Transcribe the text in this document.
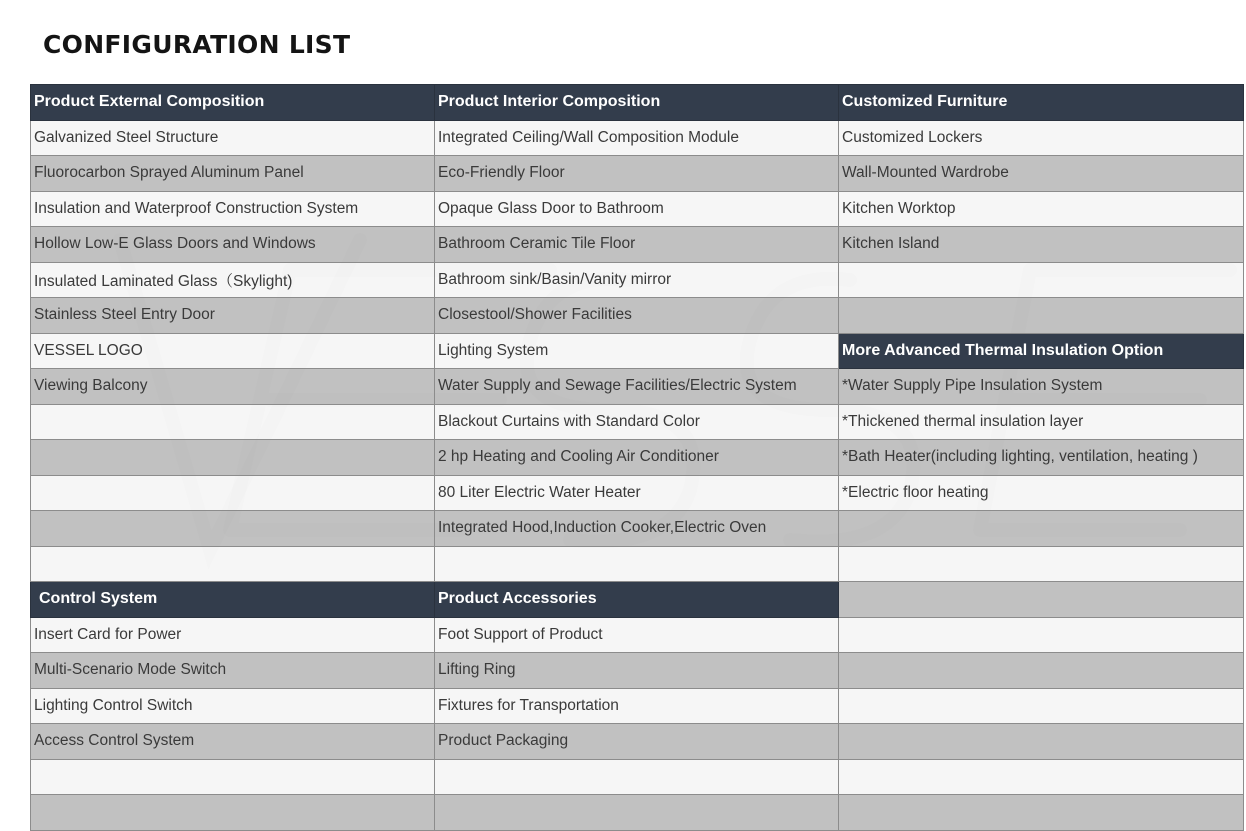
CONFIGURATION LIST
Product External Composition	Product Interior Composition	Customized Furniture
Galvanized Steel Structure	Integrated Ceiling/Wall Composition Module	Customized Lockers
Fluorocarbon Sprayed Aluminum Panel	Eco-Friendly Floor	Wall-Mounted Wardrobe
Insulation and Waterproof Construction System	Opaque Glass Door to Bathroom	Kitchen Worktop
Hollow Low-E Glass Doors and Windows	Bathroom Ceramic Tile Floor	Kitchen Island
Insulated Laminated Glass（Skylight)	Bathroom sink/Basin/Vanity mirror	
Stainless Steel Entry Door	Closestool/Shower Facilities	
VESSEL LOGO	Lighting System	More Advanced Thermal Insulation Option
Viewing Balcony	Water Supply and Sewage Facilities/Electric System	*Water Supply Pipe Insulation System
	Blackout Curtains with Standard Color	*Thickened thermal insulation layer
	2 hp Heating and Cooling Air Conditioner	*Bath Heater(including lighting, ventilation, heating )
	80 Liter Electric Water Heater	*Electric floor heating
	Integrated Hood,Induction Cooker,Electric Oven	

Control System	Product Accessories	
Insert Card for Power	Foot Support of Product	
Multi-Scenario Mode Switch	Lifting Ring	
Lighting Control Switch	Fixtures for Transportation	
Access Control System	Product Packaging	
